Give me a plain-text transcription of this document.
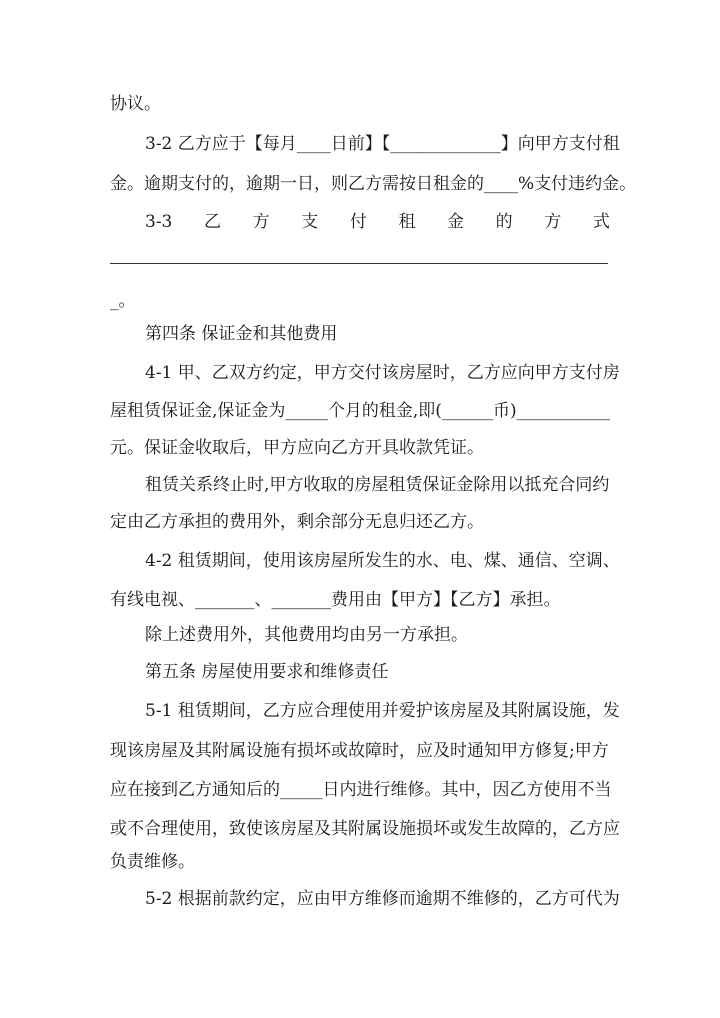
协议。
3-2 乙方应于【每月____日前】【_____________】向甲方支付租
金。逾期支付的，逾期一日，则乙方需按日租金的____%支付违约金。
3-3 乙 方 支 付 租 金 的 方 式
_。
第四条 保证金和其他费用
4-1 甲、乙双方约定，甲方交付该房屋时，乙方应向甲方支付房
屋租赁保证金,保证金为_____个月的租金,即(______币)___________
元。保证金收取后，甲方应向乙方开具收款凭证。
租赁关系终止时,甲方收取的房屋租赁保证金除用以抵充合同约
定由乙方承担的费用外，剩余部分无息归还乙方。
4-2 租赁期间，使用该房屋所发生的水、电、煤、通信、空调、
有线电视、_______、_______费用由【甲方】【乙方】承担。
除上述费用外，其他费用均由另一方承担。
第五条 房屋使用要求和维修责任
5-1 租赁期间，乙方应合理使用并爱护该房屋及其附属设施，发
现该房屋及其附属设施有损坏或故障时，应及时通知甲方修复;甲方
应在接到乙方通知后的_____日内进行维修。其中，因乙方使用不当
或不合理使用，致使该房屋及其附属设施损坏或发生故障的，乙方应
负责维修。
5-2 根据前款约定，应由甲方维修而逾期不维修的，乙方可代为
